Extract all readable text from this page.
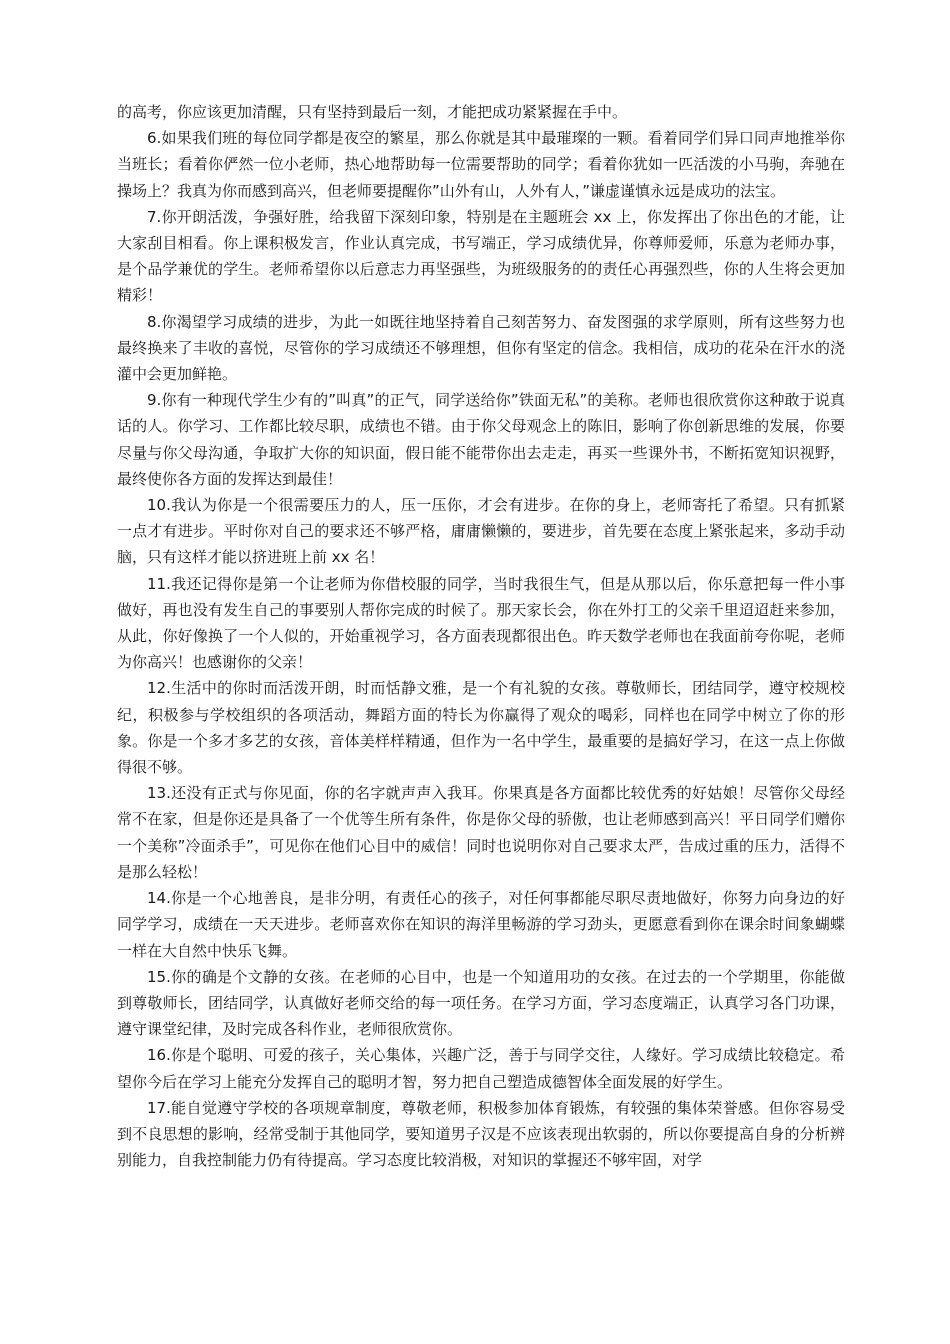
的高考，你应该更加清醒，只有坚持到最后一刻，才能把成功紧紧握在手中。

6.如果我们班的每位同学都是夜空的繁星，那么你就是其中最璀璨的一颗。看着同学们异口同声地推举你当班长；看着你俨然一位小老师，热心地帮助每一位需要帮助的同学；看着你犹如一匹活泼的小马驹，奔驰在操场上？我真为你而感到高兴，但老师要提醒你”山外有山，人外有人，”谦虚谨慎永远是成功的法宝。

7.你开朗活泼，争强好胜，给我留下深刻印象，特别是在主题班会 xx 上，你发挥出了你出色的才能，让大家刮目相看。你上课积极发言，作业认真完成，书写端正，学习成绩优异，你尊师爱师，乐意为老师办事，是个品学兼优的学生。老师希望你以后意志力再坚强些，为班级服务的的责任心再强烈些，你的人生将会更加精彩！

8.你渴望学习成绩的进步，为此一如既往地坚持着自己刻苦努力、奋发图强的求学原则，所有这些努力也最终换来了丰收的喜悦，尽管你的学习成绩还不够理想，但你有坚定的信念。我相信，成功的花朵在汗水的浇灌中会更加鲜艳。

9.你有一种现代学生少有的”叫真”的正气，同学送给你”铁面无私”的美称。老师也很欣赏你这种敢于说真话的人。你学习、工作都比较尽职，成绩也不错。由于你父母观念上的陈旧，影响了你创新思维的发展，你要尽量与你父母沟通，争取扩大你的知识面，假日能不能带你出去走走，再买一些课外书，不断拓宽知识视野，最终使你各方面的发挥达到最佳！

10.我认为你是一个很需要压力的人，压一压你，才会有进步。在你的身上，老师寄托了希望。只有抓紧一点才有进步。平时你对自己的要求还不够严格，庸庸懒懒的，要进步，首先要在态度上紧张起来，多动手动脑，只有这样才能以挤进班上前 xx 名！

11.我还记得你是第一个让老师为你借校服的同学，当时我很生气，但是从那以后，你乐意把每一件小事做好，再也没有发生自己的事要别人帮你完成的时候了。那天家长会，你在外打工的父亲千里迢迢赶来参加，从此，你好像换了一个人似的，开始重视学习，各方面表现都很出色。昨天数学老师也在我面前夸你呢，老师为你高兴！也感谢你的父亲！

12.生活中的你时而活泼开朗，时而恬静文雅，是一个有礼貌的女孩。尊敬师长，团结同学，遵守校规校纪，积极参与学校组织的各项活动，舞蹈方面的特长为你赢得了观众的喝彩，同样也在同学中树立了你的形象。你是一个多才多艺的女孩，音体美样样精通，但作为一名中学生，最重要的是搞好学习，在这一点上你做得很不够。

13.还没有正式与你见面，你的名字就声声入我耳。你果真是各方面都比较优秀的好姑娘！尽管你父母经常不在家，但是你还是具备了一个优等生所有条件，你是你父母的骄傲，也让老师感到高兴！平日同学们赠你一个美称”冷面杀手”，可见你在他们心目中的威信！同时也说明你对自己要求太严，告成过重的压力，活得不是那么轻松！

14.你是一个心地善良，是非分明，有责任心的孩子，对任何事都能尽职尽责地做好，你努力向身边的好同学学习，成绩在一天天进步。老师喜欢你在知识的海洋里畅游的学习劲头，更愿意看到你在课余时间象蝴蝶一样在大自然中快乐飞舞。

15.你的确是个文静的女孩。在老师的心目中，也是一个知道用功的女孩。在过去的一个学期里，你能做到尊敬师长，团结同学，认真做好老师交给的每一项任务。在学习方面，学习态度端正，认真学习各门功课，遵守课堂纪律，及时完成各科作业，老师很欣赏你。

16.你是个聪明、可爱的孩子，关心集体，兴趣广泛，善于与同学交往，人缘好。学习成绩比较稳定。希望你今后在学习上能充分发挥自己的聪明才智，努力把自己塑造成德智体全面发展的好学生。

17.能自觉遵守学校的各项规章制度，尊敬老师，积极参加体育锻炼，有较强的集体荣誉感。但你容易受到不良思想的影响，经常受制于其他同学，要知道男子汉是不应该表现出软弱的，所以你要提高自身的分析辨别能力，自我控制能力仍有待提高。学习态度比较消极，对知识的掌握还不够牢固，对学
